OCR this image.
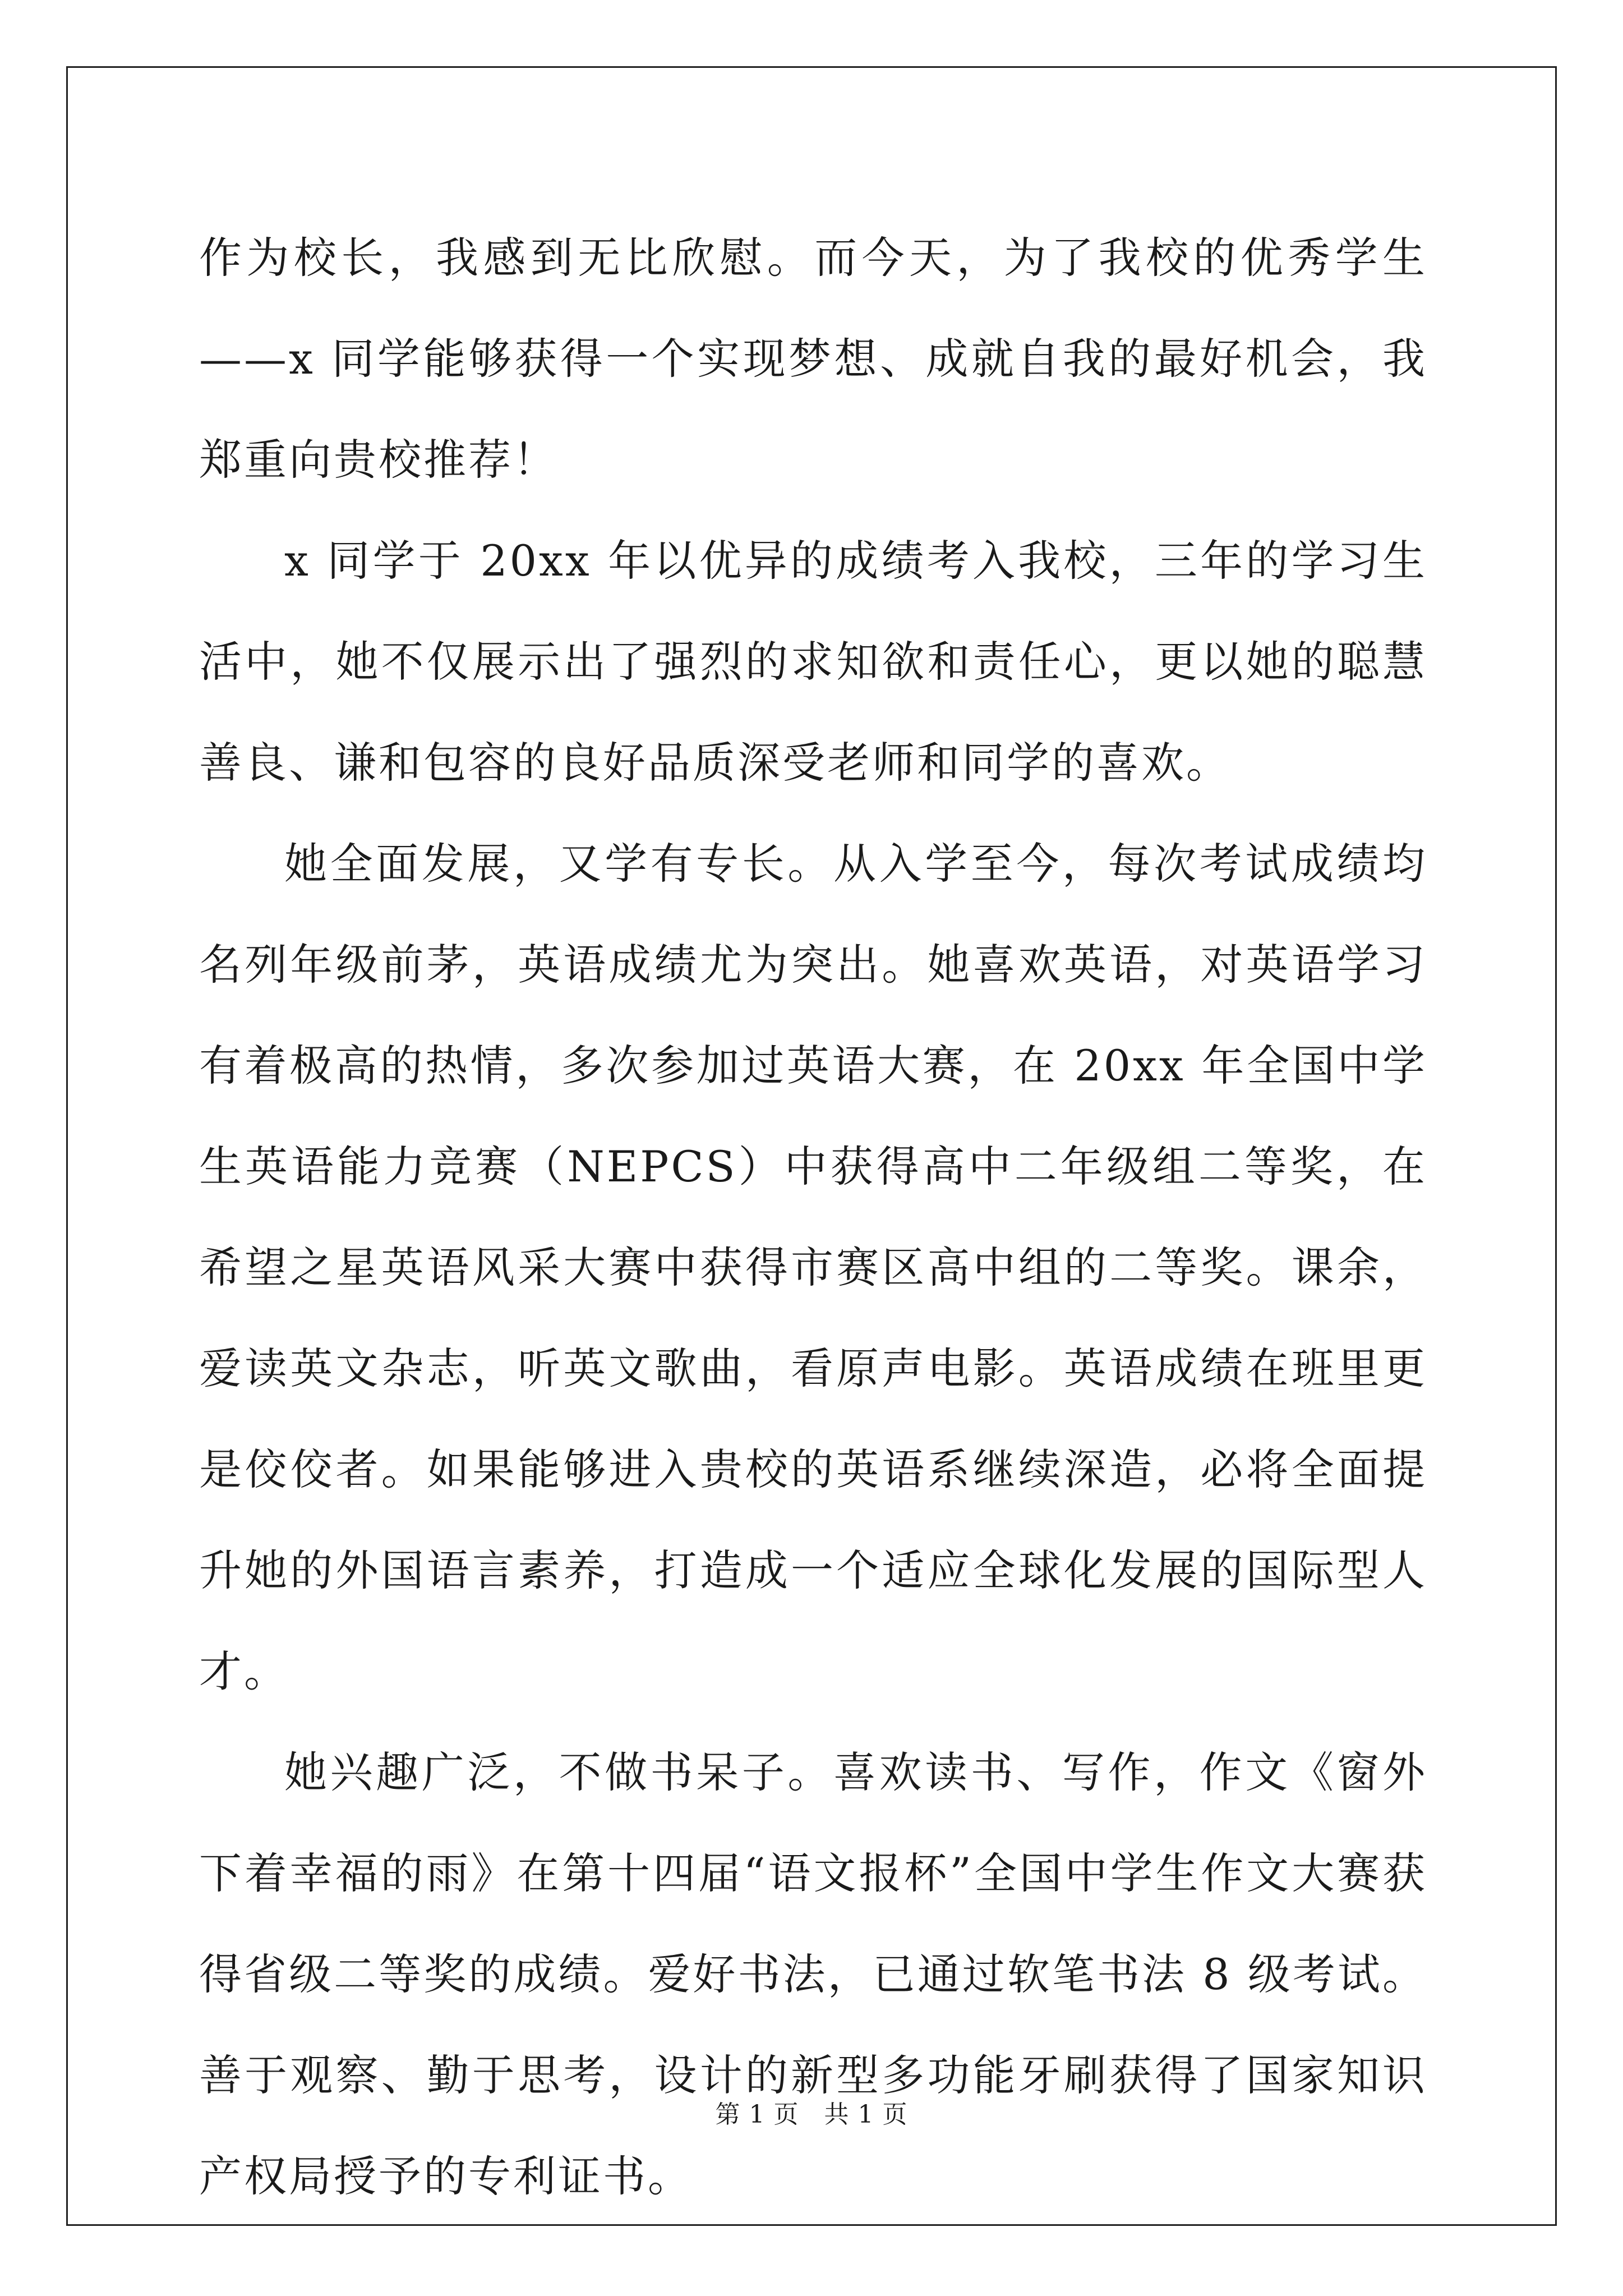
作为校长，我感到无比欣慰。而今天，为了我校的优秀学生——x 同学能够获得一个实现梦想、成就自我的最好机会，我郑重向贵校推荐！

x 同学于 20xx 年以优异的成绩考入我校，三年的学习生活中，她不仅展示出了强烈的求知欲和责任心，更以她的聪慧善良、谦和包容的良好品质深受老师和同学的喜欢。

她全面发展，又学有专长。从入学至今，每次考试成绩均名列年级前茅，英语成绩尤为突出。她喜欢英语，对英语学习有着极高的热情，多次参加过英语大赛，在 20xx 年全国中学生英语能力竞赛（NEPCS）中获得高中二年级组二等奖，在希望之星英语风采大赛中获得市赛区高中组的二等奖。课余，爱读英文杂志，听英文歌曲，看原声电影。英语成绩在班里更是佼佼者。如果能够进入贵校的英语系继续深造，必将全面提升她的外国语言素养，打造成一个适应全球化发展的国际型人才。

她兴趣广泛，不做书呆子。喜欢读书、写作，作文《窗外下着幸福的雨》在第十四届“语文报杯”全国中学生作文大赛获得省级二等奖的成绩。爱好书法，已通过软笔书法 8 级考试。善于观察、勤于思考，设计的新型多功能牙刷获得了国家知识产权局授予的专利证书。

第 1 页　共 1 页
